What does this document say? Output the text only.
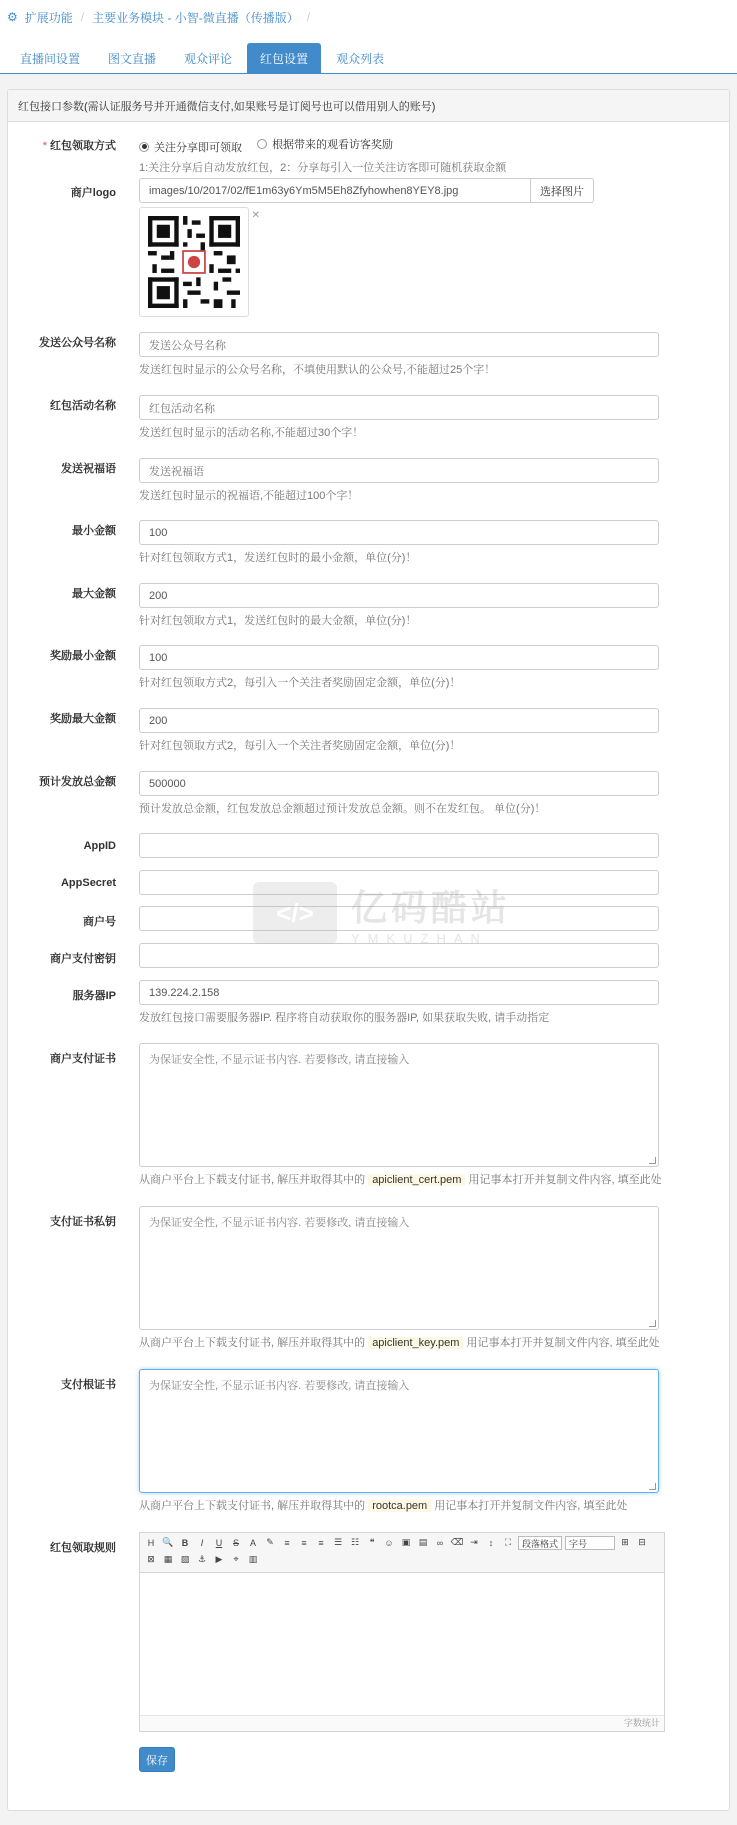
⚙ 扩展功能 / 主要业务模块 - 小智-微直播（传播版） /
直播间设置	图文直播	观众评论	红包设置	观众列表
红包接口参数(需认证服务号并开通微信支付,如果账号是订阅号也可以借用别人的账号)
* 红包领取方式	关注分享即可领取
	根据带来的观看访客奖励
1:关注分享后自动发放红包，2：分享每引入一位关注访客即可随机获取金额
商户logo	images/10/2017/02/fE1m63y6Ym5M5Eh8Zfyhowhen8YEY8.jpg	选择图片
✕
发送公众号名称	发送公众号名称
发送红包时显示的公众号名称，不填使用默认的公众号,不能超过25个字！
红包活动名称	红包活动名称
发送红包时显示的活动名称,不能超过30个字！
发送祝福语	发送祝福语
发送红包时显示的祝福语,不能超过100个字！
最小金额	100
针对红包领取方式1，发送红包时的最小金额，单位(分)！
最大金额	200
针对红包领取方式1，发送红包时的最大金额，单位(分)！
奖励最小金额	100
针对红包领取方式2，每引入一个关注者奖励固定金额，单位(分)！
奖励最大金额	200
针对红包领取方式2，每引入一个关注者奖励固定金额，单位(分)！
预计发放总金额	500000
预计发放总金额，红包发放总金额超过预计发放总金额。则不在发红包。 单位(分)！
AppID
AppSecret
商户号
商户支付密钥
服务器IP	139.224.2.158
发放红包接口需要服务器IP. 程序将自动获取你的服务器IP, 如果获取失败, 请手动指定
商户支付证书	为保证安全性, 不显示证书内容. 若要修改, 请直接输入
从商户平台上下载支付证书, 解压并取得其中的 apiclient_cert.pem 用记事本打开并复制文件内容, 填至此处
支付证书私钥	为保证安全性, 不显示证书内容. 若要修改, 请直接输入
从商户平台上下载支付证书, 解压并取得其中的 apiclient_key.pem 用记事本打开并复制文件内容, 填至此处
支付根证书	为保证安全性, 不显示证书内容. 若要修改, 请直接输入
从商户平台上下载支付证书, 解压并取得其中的 rootca.pem 用记事本打开并复制文件内容, 填至此处
红包领取规则	H 🔍 B	I	U	S	A	✎	≡	≡	≡	☰ ☷	❝	☺ ▣ ▤	∞ ⌫ ⇥	↕	⛶	段落格式	字号	⊞	⊟
⊠ ▦ ▧ ⚓	▶	⌖	▥
字数统计
保存
</>	亿码酷站
YMKUZHAN
